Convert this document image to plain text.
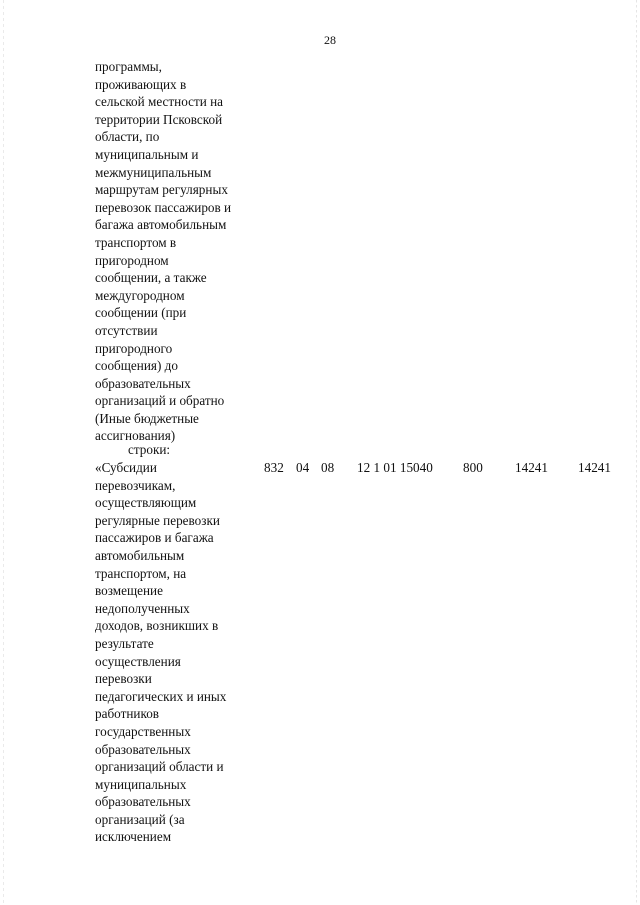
28
программы,
проживающих в
сельской местности на
территории Псковской
области, по
муниципальным и
межмуниципальным
маршрутам регулярных
перевозок пассажиров и
багажа автомобильным
транспортом в
пригородном
сообщении, а также
междугородном
сообщении (при
отсутствии
пригородного
сообщения) до
образовательных
организаций и обратно
(Иные бюджетные
ассигнования)
строки:
«Субсидии
перевозчикам,
осуществляющим
регулярные перевозки
пассажиров и багажа
автомобильным
транспортом, на
возмещение
недополученных
доходов, возникших в
результате
осуществления
перевозки
педагогических и иных
работников
государственных
образовательных
организаций области и
муниципальных
образовательных
организаций (за
исключением
832 04 08 12 1 01 15040 800 14241 14241
